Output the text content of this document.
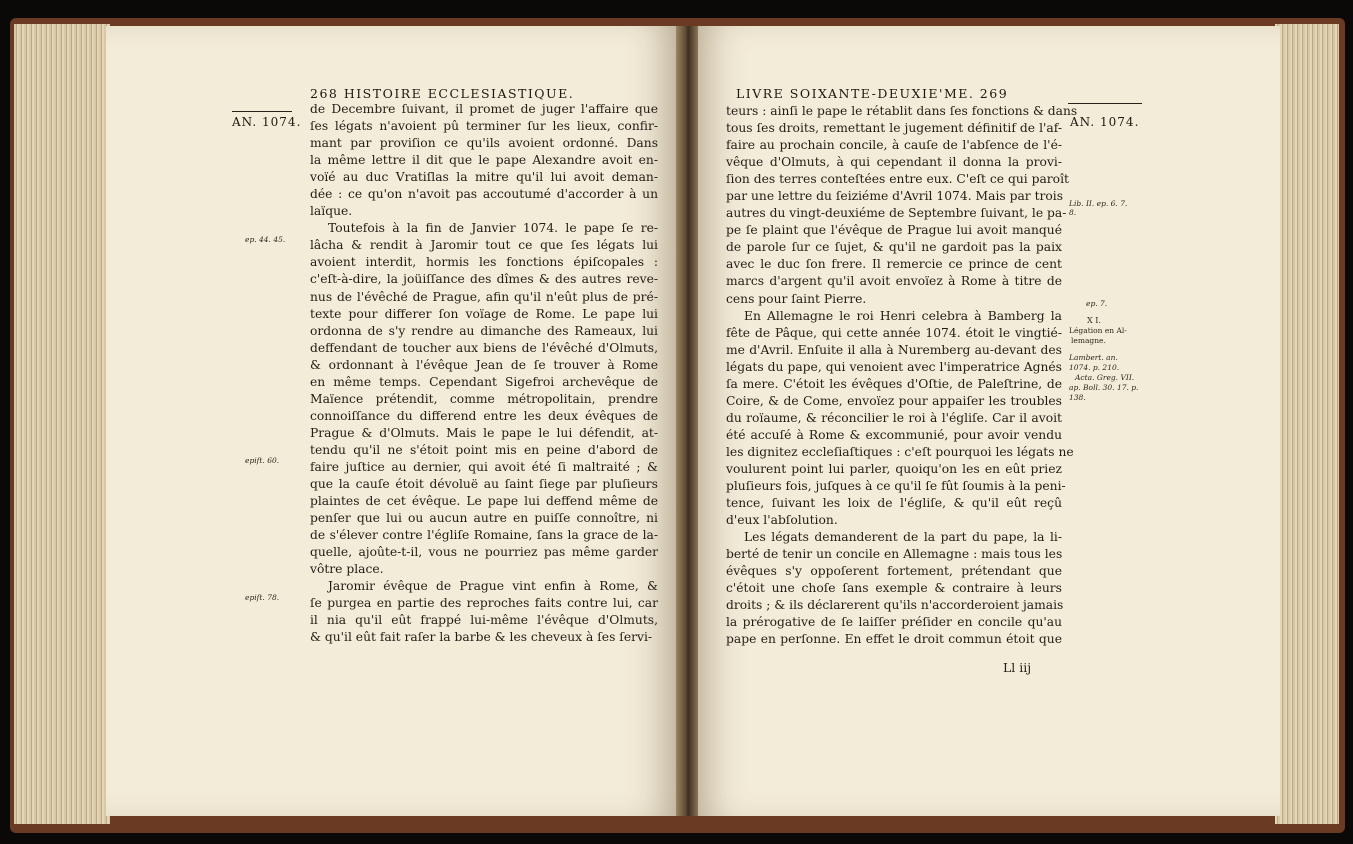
268 HISTOIRE ECCLESIASTIQUE.
AN. 1074.
de Decembre ſuivant, il promet de juger l'affaire que
ſes légats n'avoient pû terminer ſur les lieux, confir-
mant par proviſion ce qu'ils avoient ordonné. Dans
la même lettre il dit que le pape Alexandre avoit en-
voïé au duc Vratiſlas la mitre qu'il lui avoit deman-
dée : ce qu'on n'avoit pas accoutumé d'accorder à un
laïque.
Toutefois à la fin de Janvier 1074. le pape ſe re-
lâcha & rendit à Jaromir tout ce que ſes légats lui
avoient interdit, hormis les fonctions épiſcopales :
c'eſt-à-dire, la joüiſſance des dîmes & des autres reve-
nus de l'évêché de Prague, afin qu'il n'eût plus de pré-
texte pour differer ſon voïage de Rome. Le pape lui
ordonna de s'y rendre au dimanche des Rameaux, lui
deffendant de toucher aux biens de l'évêché d'Olmuts,
& ordonnant à l'évêque Jean de ſe trouver à Rome
en même temps. Cependant Sigefroi archevêque de
Maïence prétendit, comme métropolitain, prendre
connoiſſance du differend entre les deux évêques de
Prague & d'Olmuts. Mais le pape le lui défendit, at-
tendu qu'il ne s'étoit point mis en peine d'abord de
faire juſtice au dernier, qui avoit été ſi maltraité ; &
que la cauſe étoit dévoluë au ſaint ſiege par pluſieurs
plaintes de cet évêque. Le pape lui deffend même de
penſer que lui ou aucun autre en puiſſe connoître, ni
de s'élever contre l'égliſe Romaine, ſans la grace de la-
quelle, ajoûte-t-il, vous ne pourriez pas même garder
vôtre place.
Jaromir évêque de Prague vint enfin à Rome, &
ſe purgea en partie des reproches faits contre lui, car
il nia qu'il eût frappé lui-même l'évêque d'Olmuts,
& qu'il eût fait raſer la barbe & les cheveux à ſes ſervi-
ep. 44. 45.
epiſt. 60.
epiſt. 78.
LIVRE SOIXANTE-DEUXIE'ME. 269
AN. 1074.
teurs : ainſi le pape le rétablit dans ſes fonctions & dans
tous ſes droits, remettant le jugement définitif de l'af-
faire au prochain concile, à cauſe de l'abſence de l'é-
vêque d'Olmuts, à qui cependant il donna la provi-
ſion des terres conteſtées entre eux. C'eſt ce qui paroît
par une lettre du ſeiziéme d'Avril 1074. Mais par trois
autres du vingt-deuxiéme de Septembre ſuivant, le pa-
pe ſe plaint que l'évêque de Prague lui avoit manqué
de parole ſur ce ſujet, & qu'il ne gardoit pas la paix
avec le duc ſon frere. Il remercie ce prince de cent
marcs d'argent qu'il avoit envoïez à Rome à titre de
cens pour ſaint Pierre.
En Allemagne le roi Henri celebra à Bamberg la
fête de Pâque, qui cette année 1074. étoit le vingtié-
me d'Avril. Enſuite il alla à Nuremberg au-devant des
légats du pape, qui venoient avec l'imperatrice Agnés
ſa mere. C'étoit les évêques d'Oſtie, de Paleſtrine, de
Coire, & de Come, envoïez pour appaiſer les troubles
du roïaume, & réconcilier le roi à l'égliſe. Car il avoit
été accuſé à Rome & excommunié, pour avoir vendu
les dignitez eccleſiaſtiques : c'eſt pourquoi les légats ne
voulurent point lui parler, quoiqu'on les en eût priez
pluſieurs fois, juſques à ce qu'il ſe fût ſoumis à la peni-
tence, ſuivant les loix de l'égliſe, & qu'il eût reçû
d'eux l'abſolution.
Les légats demanderent de la part du pape, la li-
berté de tenir un concile en Allemagne : mais tous les
évêques s'y oppoſerent fortement, prétendant que
c'étoit une choſe ſans exemple & contraire à leurs
droits ; & ils déclarerent qu'ils n'accorderoient jamais
la prérogative de ſe laiſſer préſider en concile qu'au
pape en perſonne. En effet le droit commun étoit que
Lib. II. ep. 6. 7.
8.
ep. 7.
X I.
Légation en Al-
lemagne.
Lambert. an.
1074. p. 210.
Acta. Greg. VII.
ap. Boll. 30. 17. p.
138.
Ll iij
